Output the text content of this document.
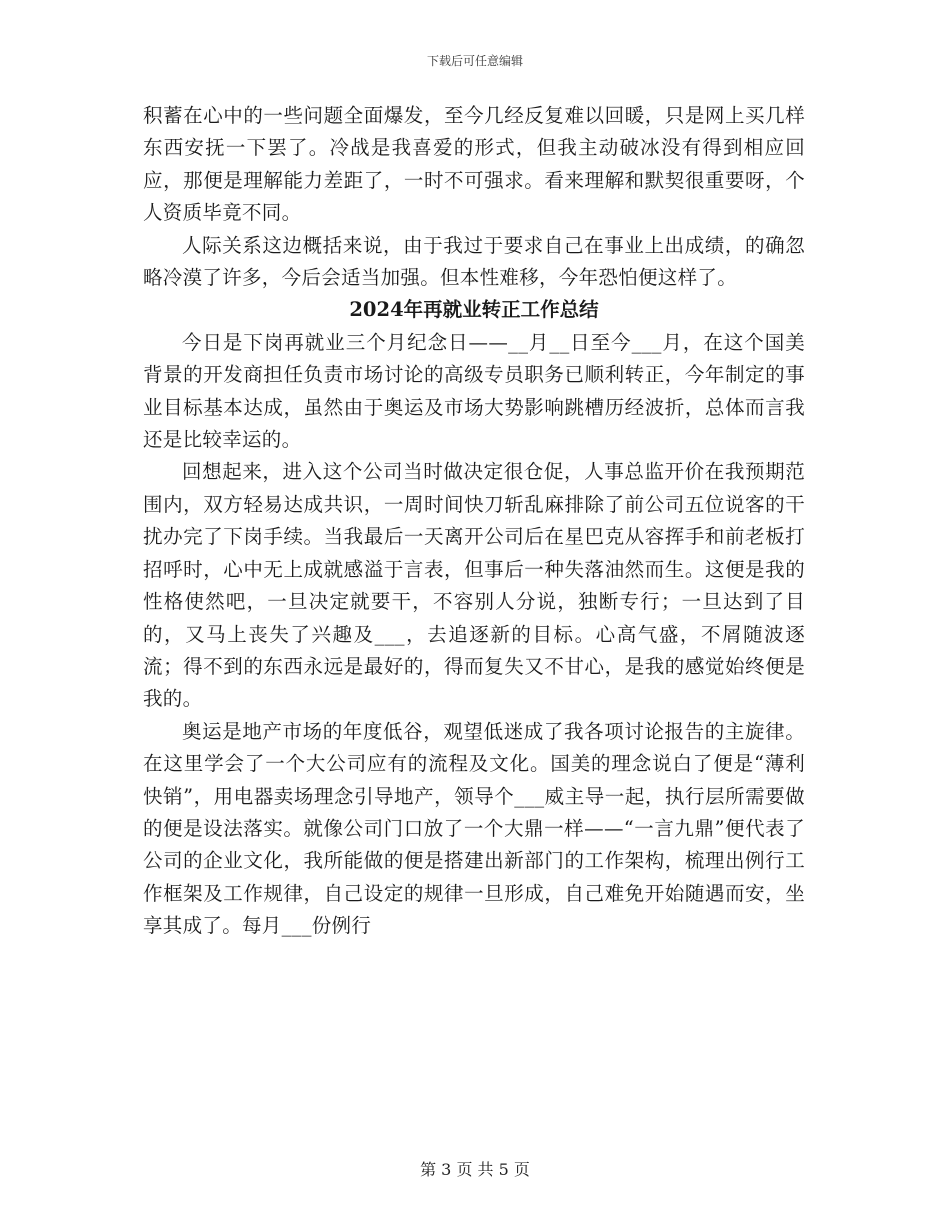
下载后可任意编辑

积蓄在心中的一些问题全面爆发，至今几经反复难以回暖，只是网上买几样东西安抚一下罢了。冷战是我喜爱的形式，但我主动破冰没有得到相应回应，那便是理解能力差距了，一时不可强求。看来理解和默契很重要呀，个人资质毕竟不同。

人际关系这边概括来说，由于我过于要求自己在事业上出成绩，的确忽略冷漠了许多，今后会适当加强。但本性难移，今年恐怕便这样了。

2024年再就业转正工作总结

今日是下岗再就业三个月纪念日——__月__日至今___月，在这个国美背景的开发商担任负责市场讨论的高级专员职务已顺利转正，今年制定的事业目标基本达成，虽然由于奥运及市场大势影响跳槽历经波折，总体而言我还是比较幸运的。

回想起来，进入这个公司当时做决定很仓促，人事总监开价在我预期范围内，双方轻易达成共识，一周时间快刀斩乱麻排除了前公司五位说客的干扰办完了下岗手续。当我最后一天离开公司后在星巴克从容挥手和前老板打招呼时，心中无上成就感溢于言表，但事后一种失落油然而生。这便是我的性格使然吧，一旦决定就要干，不容别人分说，独断专行；一旦达到了目的，又马上丧失了兴趣及___，去追逐新的目标。心高气盛，不屑随波逐流；得不到的东西永远是最好的，得而复失又不甘心，是我的感觉始终便是我的。

奥运是地产市场的年度低谷，观望低迷成了我各项讨论报告的主旋律。在这里学会了一个大公司应有的流程及文化。国美的理念说白了便是“薄利快销”，用电器卖场理念引导地产，领导个___威主导一起，执行层所需要做的便是设法落实。就像公司门口放了一个大鼎一样——“一言九鼎”便代表了公司的企业文化，我所能做的便是搭建出新部门的工作架构，梳理出例行工作框架及工作规律，自己设定的规律一旦形成，自己难免开始随遇而安，坐享其成了。每月___份例行

第 3 页 共 5 页
